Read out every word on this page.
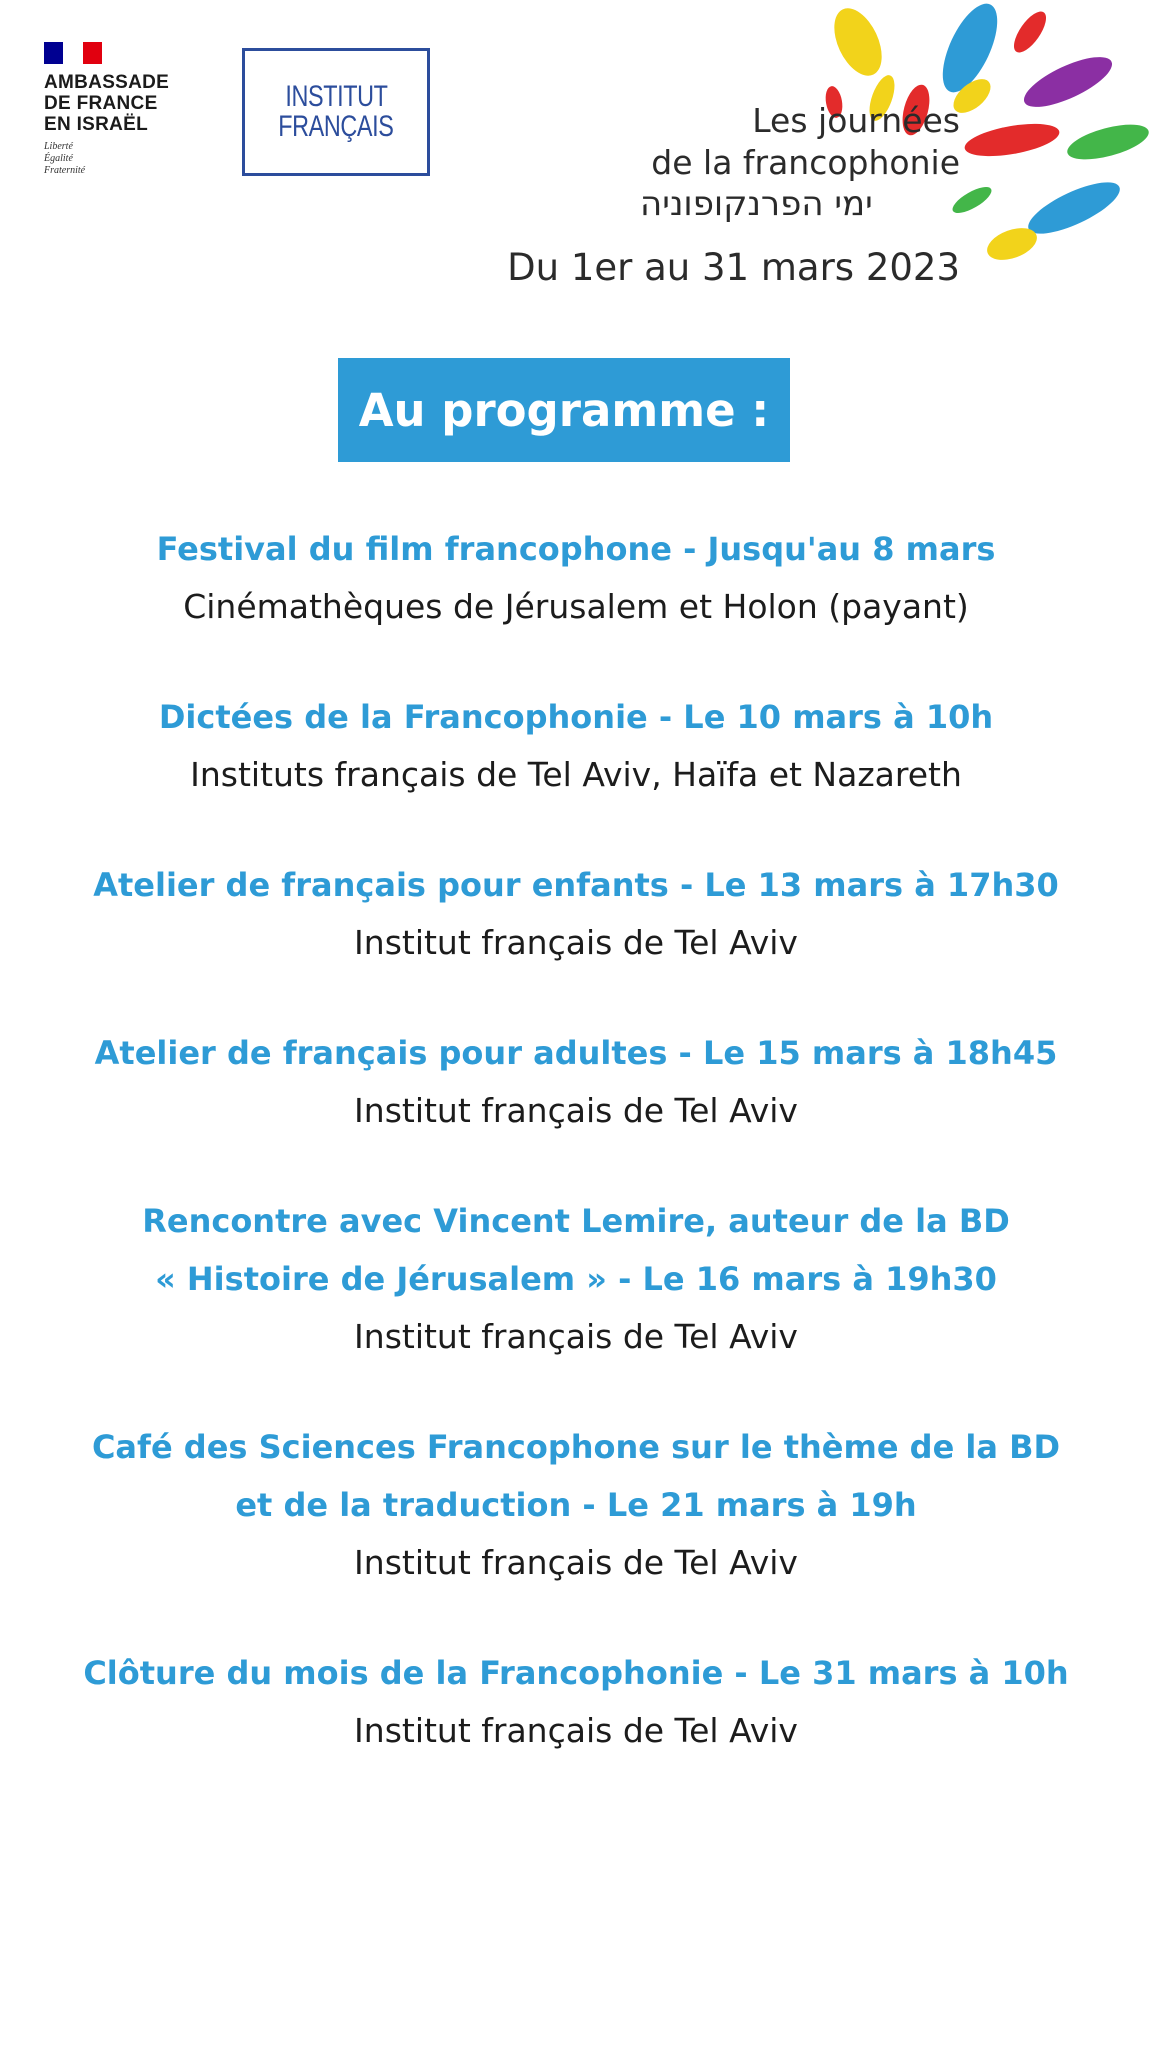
AMBASSADE
DE FRANCE
EN ISRAËL
Liberté
Égalité
Fraternité
INSTITUT
FRANÇAIS	Les journées
de la francophonie
ימי הפרנקופוניה
Du 1er au 31 mars 2023
Au programme :
Festival du film francophone - Jusqu'au 8 mars
Cinémathèques de Jérusalem et Holon (payant)
Dictées de la Francophonie - Le 10 mars à 10h
Instituts français de Tel Aviv, Haïfa et Nazareth
Atelier de français pour enfants - Le 13 mars à 17h30
Institut français de Tel Aviv
Atelier de français pour adultes - Le 15 mars à 18h45
Institut français de Tel Aviv
Rencontre avec Vincent Lemire, auteur de la BD
« Histoire de Jérusalem » - Le 16 mars à 19h30
Institut français de Tel Aviv
Café des Sciences Francophone sur le thème de la BD
et de la traduction - Le 21 mars à 19h
Institut français de Tel Aviv
Clôture du mois de la Francophonie - Le 31 mars à 10h
Institut français de Tel Aviv
